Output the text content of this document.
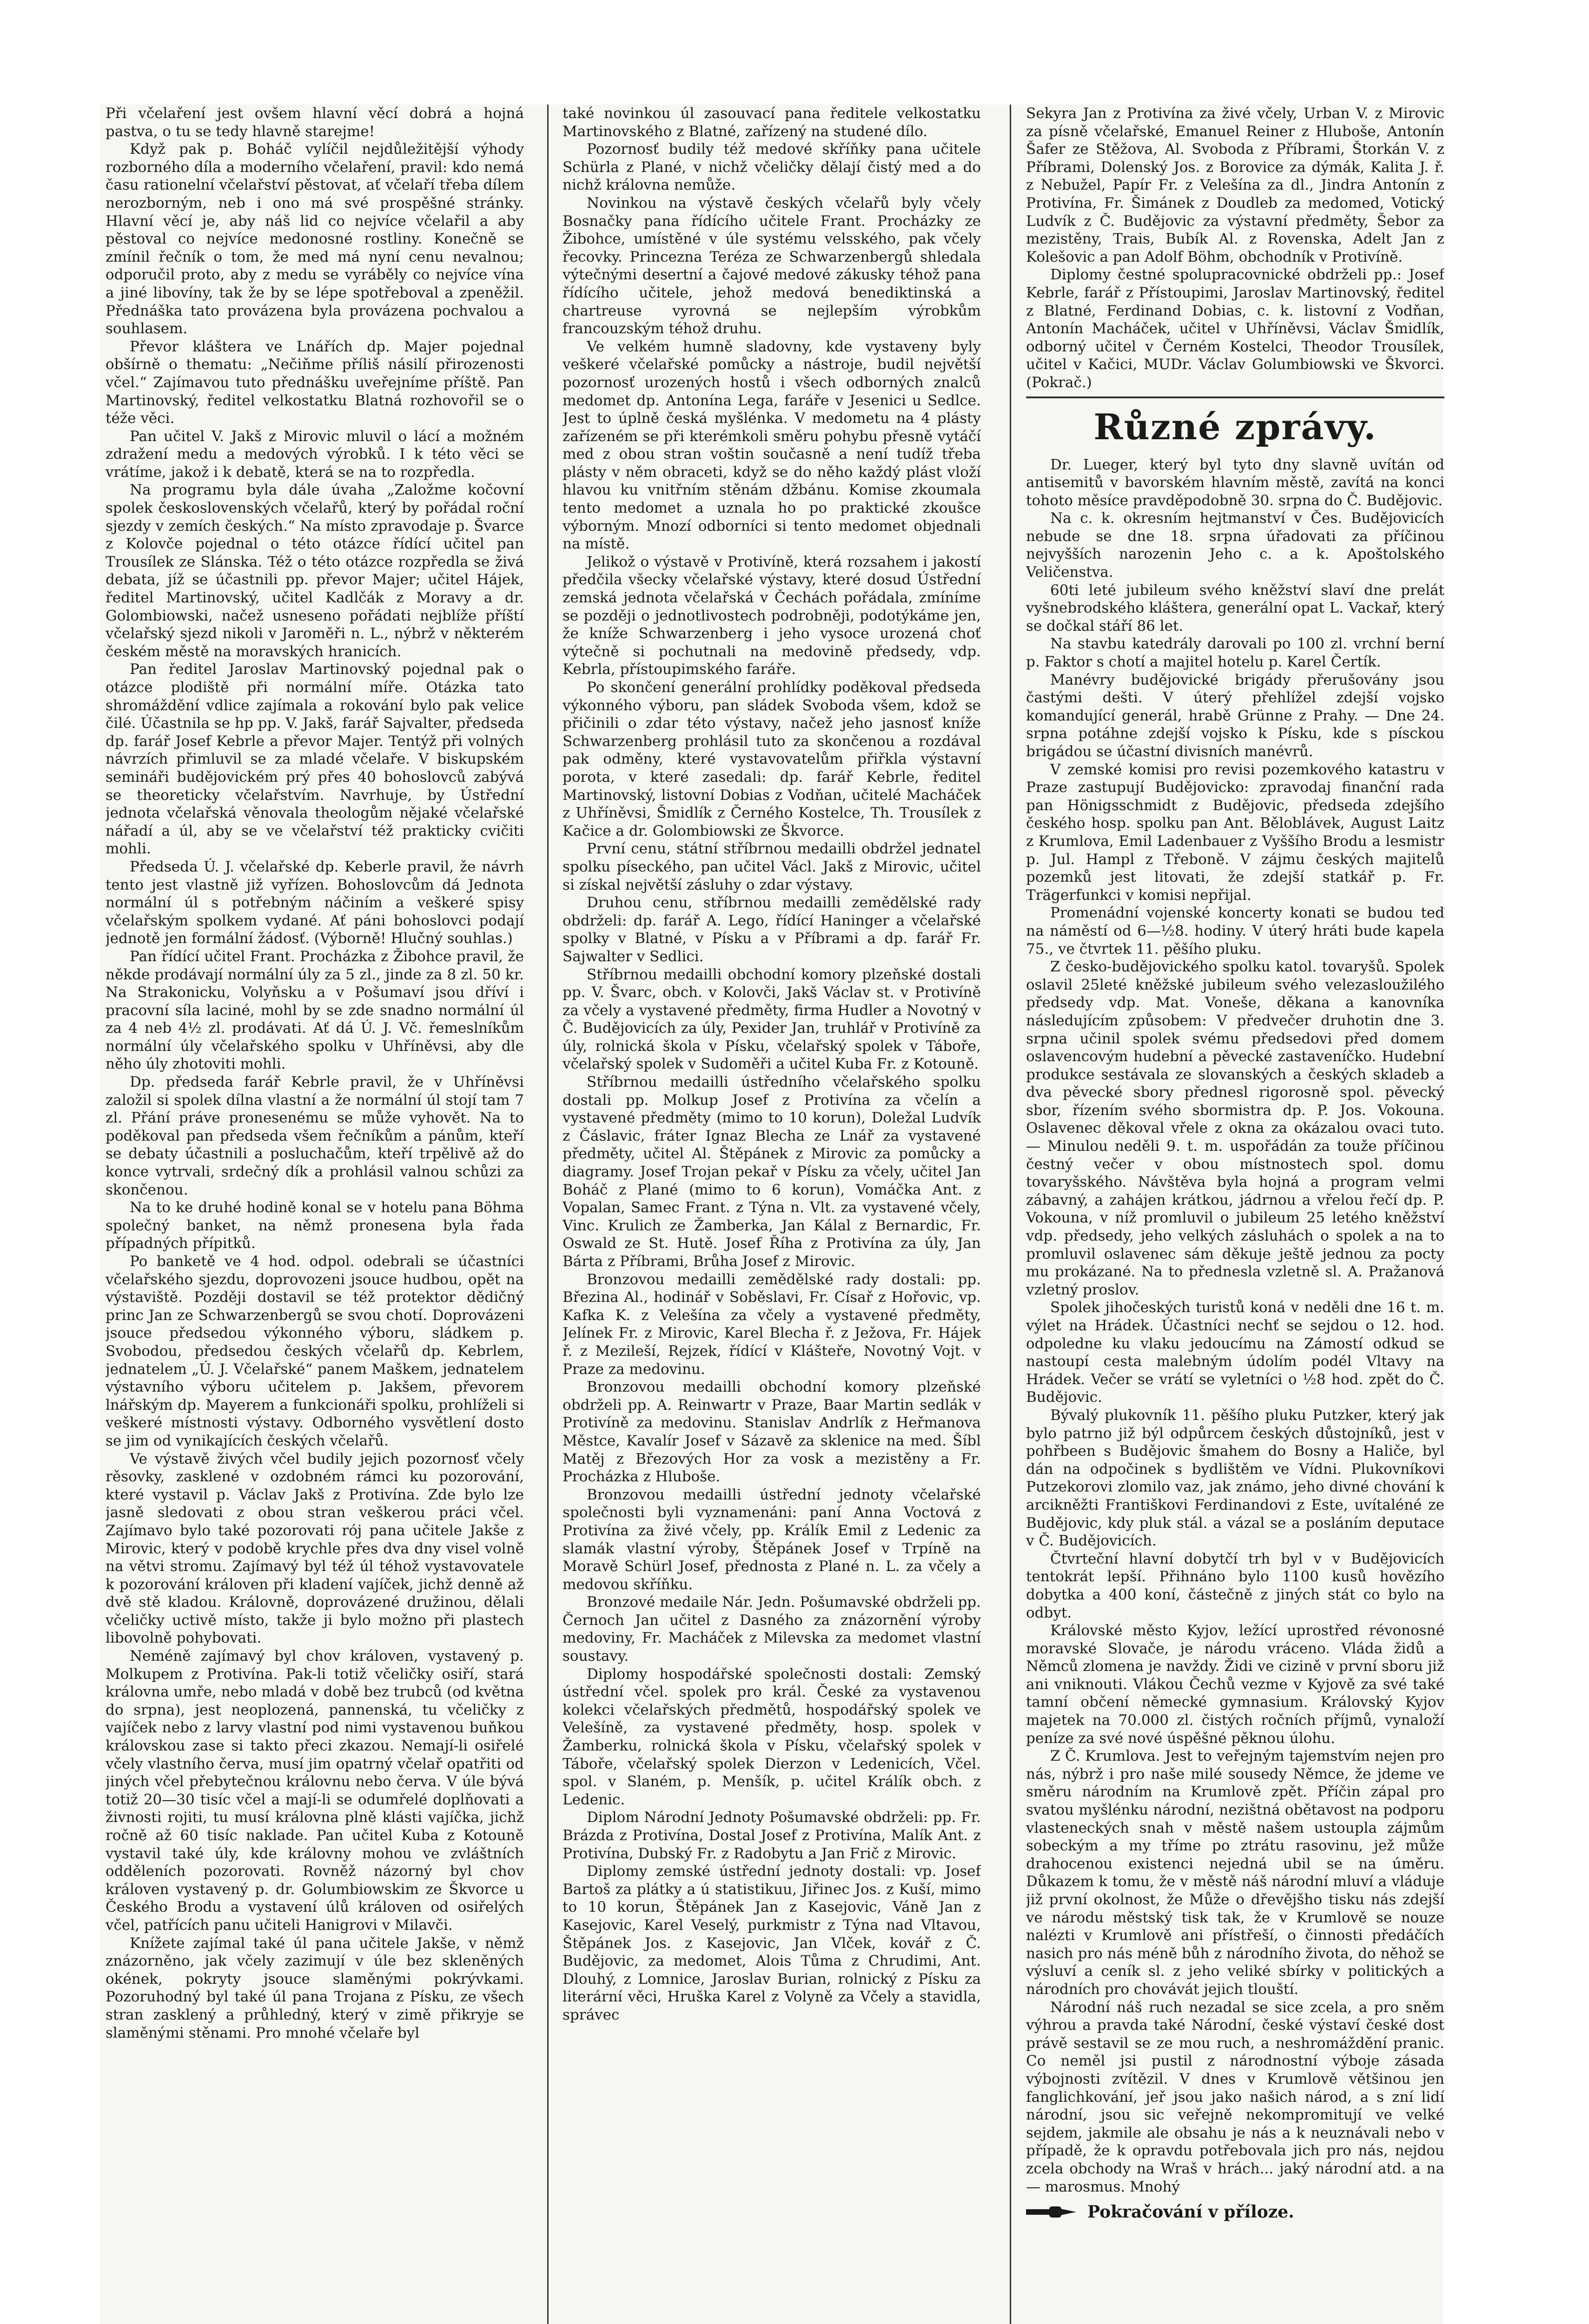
Při včelaření jest ovšem hlavní věcí dobrá a hojná pastva, o tu se tedy hlavně starejme!

Když pak p. Boháč vylíčil nejdůležitější výhody rozborného díla a moderního včelaření, pravil: kdo nemá času rationelní včelařství pěstovat, ať včelaří třeba dílem nerozborným, neb i ono má své prospěšné stránky. Hlavní věcí je, aby náš lid co nejvíce včelařil a aby pěstoval co nejvíce medonosné rostliny. Konečně se zmínil řečník o tom, že med má nyní cenu nevalnou; odporučil proto, aby z medu se vyráběly co nejvíce vína a jiné libovíny, tak že by se lépe spotřeboval a zpeněžil. Přednáška tato provázena byla provázena pochvalou a souhlasem.

Převor kláštera ve Lnářích dp. Majer pojednal obšírně o thematu: „Nečiňme příliš násilí přirozenosti včel.“ Zajímavou tuto přednášku uveřejníme příště. Pan Martinovský, ředitel velkostatku Blatná rozhovořil se o téže věci.

Pan učitel V. Jakš z Mirovic mluvil o lácí a možném zdražení medu a medových výrobků. I k této věci se vrátíme, jakož i k debatě, která se na to rozpředla.

Na programu byla dále úvaha „Založme kočovní spolek československých včelařů, který by pořádal roční sjezdy v zemích českých.“ Na místo zpravodaje p. Švarce z Kolovče pojednal o této otázce řídící učitel pan Trousílek ze Slánska. Též o této otázce rozpředla se živá debata, jíž se účastnili pp. převor Majer; učitel Hájek, ředitel Martinovský, učitel Kadlčák z Moravy a dr. Golombiowski, načež usneseno pořádati nejblíže příští včelařský sjezd nikoli v Jaroměři n. L., nýbrž v některém českém městě na moravských hranicích.

Pan ředitel Jaroslav Martinovský pojednal pak o otázce plodiště při normální míře. Otázka tato shromáždění vdlice zajímala a rokování bylo pak velice čilé. Účastnila se hp pp. V. Jakš, farář Sajvalter, předseda dp. farář Josef Kebrle a převor Majer. Tentýž při volných návrzích přimluvil se za mladé včelaře. V biskupském semináři budějovickém prý přes 40 bohoslovců zabývá se theoreticky včelařstvím. Navrhuje, by Ústřední jednota včelařská věnovala theologům nějaké včelařské nářadí a úl, aby se ve včelařství též prakticky cvičiti mohli.

Předseda Ú. J. včelařské dp. Keberle pravil, že návrh tento jest vlastně již vyřízen. Bohoslovcům dá Jednota normální úl s potřebným náčiním a veškeré spisy včelařským spolkem vydané. Ať páni bohoslovci podají jednotě jen formální žádosť. (Výborně! Hlučný souhlas.)

Pan řídící učitel Frant. Procházka z Žibohce pravil, že někde prodávají normální úly za 5 zl., jinde za 8 zl. 50 kr. Na Strakonicku, Volyňsku a v Pošumaví jsou dříví i pracovní síla laciné, mohl by se zde snadno normální úl za 4 neb 4½ zl. prodávati. Ať dá Ú. J. Vč. řemeslníkům normální úly včelařského spolku v Uhříněvsi, aby dle něho úly zhotoviti mohli.

Dp. předseda farář Kebrle pravil, že v Uhříněvsi založil si spolek dílna vlastní a že normální úl stojí tam 7 zl. Přání práve pronesenému se může vyhovět. Na to poděkoval pan předseda všem řečníkům a pánům, kteří se debaty účastnili a posluchačům, kteří trpělivě až do konce vytrvali, srdečný dík a prohlásil valnou schůzi za skončenou.

Na to ke druhé hodině konal se v hotelu pana Böhma společný banket, na němž pronesena byla řada případných přípitků.

Po banketě ve 4 hod. odpol. odebrali se účastníci včelařského sjezdu, doprovozeni jsouce hudbou, opět na výstaviště. Později dostavil se též protektor dědičný princ Jan ze Schwarzenbergů se svou chotí. Doprovázeni jsouce předsedou výkonného výboru, sládkem p. Svobodou, předsedou českých včelařů dp. Kebrlem, jednatelem „Ú. J. Včelařské“ panem Maškem, jednatelem výstavního výboru učitelem p. Jakšem, převorem lnářským dp. Mayerem a funkcionáři spolku, prohlíželi si veškeré místnosti výstavy. Odborného vysvětlení dosto se jim od vynikajících českých včelařů.

Ve výstavě živých včel budily jejich pozornosť včely rěsovky, zasklené v ozdobném rámci ku pozorování, které vystavil p. Václav Jakš z Protivína. Zde bylo lze jasně sledovati z obou stran veškerou práci včel. Zajímavo bylo také pozorovati rój pana učitele Jakše z Mirovic, který v podobě krychle přes dva dny visel volně na větvi stromu. Zajímavý byl též úl téhož vystavovatele k pozorování královen při kladení vajíček, jichž denně až dvě stě kladou. Královně, doprovázené družinou, dělali včeličky uctivě místo, takže ji bylo možno při plastech libovolně pohybovati.

Neméně zajímavý byl chov královen, vystavený p. Molkupem z Protivína. Pak-li totiž včeličky osiří, stará královna umře, nebo mladá v době bez trubců (od května do srpna), jest neoplozená, pannenská, tu včeličky z vajíček nebo z larvy vlastní pod nimi vystavenou buňkou královskou zase si takto přeci zkazou. Nemají-li osiřelé včely vlastního červa, musí jim opatrný včelař opatřiti od jiných včel přebytečnou královnu nebo červa. V úle bývá totiž 20—30 tisíc včel a mají-li se odumřelé doplňovati a živnosti rojiti, tu musí královna plně klásti vajíčka, jichž ročně až 60 tisíc naklade. Pan učitel Kuba z Kotouně vystavil také úly, kde královny mohou ve zvláštních odděleních pozorovati. Rovněž názorný byl chov královen vystavený p. dr. Golumbiowskim ze Škvorce u Českého Brodu a vystavení úlů královen od osiřelých včel, patřících panu učiteli Hanigrovi v Milavči.

Knížete zajímal také úl pana učitele Jakše, v němž znázorněno, jak včely zazimují v úle bez skleněných okének, pokryty jsouce slaměnými pokrývkami. Pozoruhodný byl také úl pana Trojana z Písku, ze všech stran zasklený a průhledný, který v zimě přikryje se slaměnými stěnami. Pro mnohé včelaře byl

také novinkou úl zasouvací pana ředitele velkostatku Martinovského z Blatné, zařízený na studené dílo.

Pozornosť budily též medové skříňky pana učitele Schürla z Plané, v nichž včeličky dělají čistý med a do nichž královna nemůže.

Novinkou na výstavě českých včelařů byly včely Bosnačky pana řídícího učitele Frant. Procházky ze Žibohce, umístěné v úle systému velsského, pak včely řecovky. Princezna Teréza ze Schwarzenbergů shledala výtečnými desertní a čajové medové zákusky téhož pana řídícího učitele, jehož medová benediktinská a chartreuse vyrovná se nejlepším výrobkům francouzským téhož druhu.

Ve velkém humně sladovny, kde vystaveny byly veškeré včelařské pomůcky a nástroje, budil největší pozornosť urozených hostů i všech odborných znalců medomet dp. Antonína Lega, faráře v Jesenici u Sedlce. Jest to úplně česká myšlénka. V medometu na 4 plásty zařízeném se při kterémkoli směru pohybu přesně vytáčí med z obou stran voštin současně a není tudíž třeba plásty v něm obraceti, když se do něho každý plást vloží hlavou ku vnitřním stěnám džbánu. Komise zkoumala tento medomet a uznala ho po praktické zkoušce výborným. Mnozí odborníci si tento medomet objednali na místě.

Jelikož o výstavě v Protivíně, která rozsahem i jakostí předčila všecky včelařské výstavy, které dosud Ústřední zemská jednota včelařská v Čechách pořádala, zmíníme se později o jednotlivostech podrobněji, podotýkáme jen, že kníže Schwarzenberg i jeho vysoce urozená choť výtečně si pochutnali na medovině předsedy, vdp. Kebrla, přístoupimského faráře.

Po skončení generální prohlídky poděkoval předseda výkonného výboru, pan sládek Svoboda všem, kdož se přičinili o zdar této výstavy, načež jeho jasnosť kníže Schwarzenberg prohlásil tuto za skončenou a rozdával pak odměny, které vystavovatelům přiřkla výstavní porota, v které zasedali: dp. farář Kebrle, ředitel Martinovský, listovní Dobias z Vodňan, učitelé Macháček z Uhříněvsi, Šmidlík z Černého Kostelce, Th. Trousílek z Kačice a dr. Golombiowski ze Škvorce.

První cenu, státní stříbrnou medailli obdržel jednatel spolku píseckého, pan učitel Václ. Jakš z Mirovic, učitel si získal největší zásluhy o zdar výstavy.

Druhou cenu, stříbrnou medailli zemědělské rady obdrželi: dp. farář A. Lego, řídící Haninger a včelařské spolky v Blatné, v Písku a v Příbrami a dp. farář Fr. Sajwalter v Sedlici.

Stříbrnou medailli obchodní komory plzeňské dostali pp. V. Švarc, obch. v Kolovči, Jakš Václav st. v Protivíně za včely a vystavené předměty, firma Hudler a Novotný v Č. Budějovicích za úly, Pexider Jan, truhlář v Protivíně za úly, rolnická škola v Písku, včelařský spolek v Táboře, včelařský spolek v Sudoměři a učitel Kuba Fr. z Kotouně.

Stříbrnou medailli ústředního včelařského spolku dostali pp. Molkup Josef z Protivína za včelín a vystavené předměty (mimo to 10 korun), Doležal Ludvík z Čáslavic, fráter Ignaz Blecha ze Lnář za vystavené předměty, učitel Al. Štěpánek z Mirovic za pomůcky a diagramy. Josef Trojan pekař v Písku za včely, učitel Jan Boháč z Plané (mimo to 6 korun), Vomáčka Ant. z Vopalan, Samec Frant. z Týna n. Vlt. za vystavené včely, Vinc. Krulich ze Žamberka, Jan Kálal z Bernardic, Fr. Oswald ze St. Hutě. Josef Říha z Protivína za úly, Jan Bárta z Příbrami, Brůha Josef z Mirovic.

Bronzovou medailli zemědělské rady dostali: pp. Březina Al., hodinář v Soběslavi, Fr. Císař z Hořovic, vp. Kafka K. z Velešína za včely a vystavené předměty, Jelínek Fr. z Mirovic, Karel Blecha ř. z Ježova, Fr. Hájek ř. z Mezileší, Rejzek, řídící v Klášteře, Novotný Vojt. v Praze za medovinu.

Bronzovou medailli obchodní komory plzeňské obdrželi pp. A. Reinwartr v Praze, Baar Martin sedlák v Protivíně za medovinu. Stanislav Andrlík z Heřmanova Městce, Kavalír Josef v Sázavě za sklenice na med. Šíbl Matěj z Březových Hor za vosk a mezistěny a Fr. Procházka z Hluboše.

Bronzovou medailli ústřední jednoty včelařské společnosti byli vyznamenáni: paní Anna Voctová z Protivína za živé včely, pp. Králík Emil z Ledenic za slamák vlastní výroby, Štěpánek Josef v Trpíně na Moravě Schürl Josef, přednosta z Plané n. L. za včely a medovou skříňku.

Bronzové medaile Nár. Jedn. Pošumavské obdrželi pp. Černoch Jan učitel z Dasného za znázornění výroby medoviny, Fr. Macháček z Milevska za medomet vlastní soustavy.

Diplomy hospodářské společnosti dostali: Zemský ústřední včel. spolek pro král. České za vystavenou kolekci včelařských předmětů, hospodářský spolek ve Velešíně, za vystavené předměty, hosp. spolek v Žamberku, rolnická škola v Písku, včelařský spolek v Táboře, včelařský spolek Dierzon v Ledenicích, Včel. spol. v Slaném, p. Menšík, p. učitel Králík obch. z Ledenic.

Diplom Národní Jednoty Pošumavské obdrželi: pp. Fr. Brázda z Protivína, Dostal Josef z Protivína, Malík Ant. z Protivína, Dubský Fr. z Radobytu a Jan Frič z Mirovic.

Diplomy zemské ústřední jednoty dostali: vp. Josef Bartoš za plátky a ú statistikuu, Jiřinec Jos. z Kuší, mimo to 10 korun, Štěpánek Jan z Kasejovic, Váně Jan z Kasejovic, Karel Veselý, purkmistr z Týna nad Vltavou, Štěpánek Jos. z Kasejovic, Jan Vlček, kovář z Č. Budějovic, za medomet, Alois Tůma z Chrudimi, Ant. Dlouhý, z Lomnice, Jaroslav Burian, rolnický z Písku za literární věci, Hruška Karel z Volyně za Včely a stavidla, správec

Sekyra Jan z Protivína za živé včely, Urban V. z Mirovic za písně včelařské, Emanuel Reiner z Hluboše, Antonín Šafer ze Stěžova, Al. Svoboda z Příbrami, Štorkán V. z Příbrami, Dolenský Jos. z Borovice za dýmák, Kalita J. ř. z Nebužel, Papír Fr. z Velešína za dl., Jindra Antonín z Protivína, Fr. Šimánek z Doudleb za medomed, Votický Ludvík z Č. Budějovic za výstavní předměty, Šebor za mezistěny, Trais, Bubík Al. z Rovenska, Adelt Jan z Kolešovic a pan Adolf Böhm, obchodník v Protivíně.

Diplomy čestné spolupracovnické obdrželi pp.: Josef Kebrle, farář z Přístoupimi, Jaroslav Martinovský, ředitel z Blatné, Ferdinand Dobias, c. k. listovní z Vodňan, Antonín Macháček, učitel v Uhříněvsi, Václav Šmidlík, odborný učitel v Černém Kostelci, Theodor Trousílek, učitel v Kačici, MUDr. Václav Golumbiowski ve Škvorci. (Pokrač.)

Různé zprávy.

Dr. Lueger, který byl tyto dny slavně uvítán od antisemitů v bavorském hlavním městě, zavítá na konci tohoto měsíce pravděpodobně 30. srpna do Č. Budějovic.

Na c. k. okresním hejtmanství v Čes. Budějovicích nebude se dne 18. srpna úřadovati za příčinou nejvyšších narozenin Jeho c. a k. Apoštolského Veličenstva.

60ti leté jubileum svého kněžství slaví dne prelát vyšnebrodského kláštera, generální opat L. Vackař, který se dočkal stáří 86 let.

Na stavbu katedrály darovali po 100 zl. vrchní berní p. Faktor s chotí a majitel hotelu p. Karel Čertík.

Manévry budějovické brigády přerušovány jsou častými dešti. V úterý přehlížel zdejší vojsko komandující generál, hrabě Grünne z Prahy. — Dne 24. srpna potáhne zdejší vojsko k Písku, kde s písckou brigádou se účastní divisních manévrů.

V zemské komisi pro revisi pozemkového katastru v Praze zastupují Budějovicko: zpravodaj finanční rada pan Hönigsschmidt z Budějovic, předseda zdejšího českého hosp. spolku pan Ant. Běloblávek, August Laitz z Krumlova, Emil Ladenbauer z Vyššího Brodu a lesmistr p. Jul. Hampl z Třeboně. V zájmu českých majitelů pozemků jest litovati, že zdejší statkář p. Fr. Trägerfunkci v komisi nepřijal.

Promenádní vojenské koncerty konati se budou teď na náměstí od 6—½8. hodiny. V úterý hráti bude kapela 75., ve čtvrtek 11. pěšího pluku.

Z česko-budějovického spolku katol. tovaryšů. Spolek oslavil 25leté kněžské jubileum svého velezasloužilého předsedy vdp. Mat. Voneše, děkana a kanovníka následujícím způsobem: V předvečer druhotin dne 3. srpna učinil spolek svému předsedovi před domem oslavencovým hudební a pěvecké zastaveníčko. Hudební produkce sestávala ze slovanských a českých skladeb a dva pěvecké sbory přednesl rigorosně spol. pěvecký sbor, řízením svého sbormistra dp. P. Jos. Vokouna. Oslavenec děkoval vřele z okna za okázalou ovaci tuto. — Minulou neděli 9. t. m. uspořádán za touže příčinou čestný večer v obou místnostech spol. domu tovaryšského. Návštěva byla hojná a program velmi zábavný, a zahájen krátkou, jádrnou a vřelou řečí dp. P. Vokouna, v níž promluvil o jubileum 25 letého kněžství vdp. předsedy, jeho velkých zásluhách o spolek a na to promluvil oslavenec sám děkuje ještě jednou za pocty mu prokázané. Na to přednesla vzletně sl. A. Pražanová vzletný proslov.

Spolek jihočeských turistů koná v neděli dne 16 t. m. výlet na Hrádek. Účastníci nechť se sejdou o 12. hod. odpoledne ku vlaku jedoucímu na Zámostí odkud se nastoupí cesta malebným údolím podél Vltavy na Hrádek. Večer se vrátí se vyletníci o ½8 hod. zpět do Č. Budějovic.

Bývalý plukovník 11. pěšího pluku Putzker, který jak bylo patrno již býl odpůrcem českých důstojníků, jest v pohřbeen s Budějovic šmahem do Bosny a Haliče, byl dán na odpočinek s bydlištěm ve Vídni. Plukovníkovi Putzekorovi zlomilo vaz, jak známo, jeho divné chování k arcikněžti Františkovi Ferdinandovi z Este, uvítaléné ze Budějovic, kdy pluk stál. a vázal se a posláním deputace v Č. Budějovicích.

Čtvrteční hlavní dobytčí trh byl v v Budějovicích tentokrát lepší. Přihnáno bylo 1100 kusů hovězího dobytka a 400 koní, částečně z jiných stát co bylo na odbyt.

Královské město Kyjov, ležící uprostřed révonosné moravské Slovače, je národu vráceno. Vláda židů a Němců zlomena je navždy. Židi ve cizině v první sboru již ani vniknouti. Vlákou Čechů vezme v Kyjově za své také tamní občení německé gymnasium. Královský Kyjov majetek na 70.000 zl. čistých ročních příjmů, vynaloží peníze za své nové úspěšné pěknou úlohu.

Z Č. Krumlova. Jest to veřejným tajemstvím nejen pro nás, nýbrž i pro naše milé sousedy Němce, že jdeme ve směru národním na Krumlově zpět. Příčin zápal pro svatou myšlénku národní, nezištná obětavost na podporu vlasteneckých snah v městě našem ustoupla zájmům sobeckým a my tříme po ztrátu rasovinu, jež může drahocenou existenci nejedná ubil se na úměru. Důkazem k tomu, že v městě náš národní mluví a vláduje již první okolnost, že Může o dřevějšho tisku nás zdejší ve národu městský tisk tak, že v Krumlově se nouze nalézti v Krumlově ani přístřeší, o činnosti předáčích nasich pro nás méně bůh z národního života, do něhož se výsluví a ceník sl. z jeho veliké sbírky v politických a národních pro chovávát jejich tlouští.

Národní náš ruch nezadal se sice zcela, a pro sněm výhrou a pravda také Národní, české výstaví české dost právě sestavil se ze mou ruch, a neshromáždění pranic. Co neměl jsi pustil z národnostní výboje zásada výbojnosti zvítězil. V dnes v Krumlově většinou jen fanglichkování, jeř jsou jako našich národ, a s zní lidí národní, jsou sic veřejně nekompromitují ve velké sejdem, jakmile ale obsahu je nás a k neuznávali nebo v případě, že k opravdu potřebovala jich pro nás, nejdou zcela obchody na Wraš v hrách... jaký národní atd. a na — marosmus. Mnohý

Pokračování v příloze.
